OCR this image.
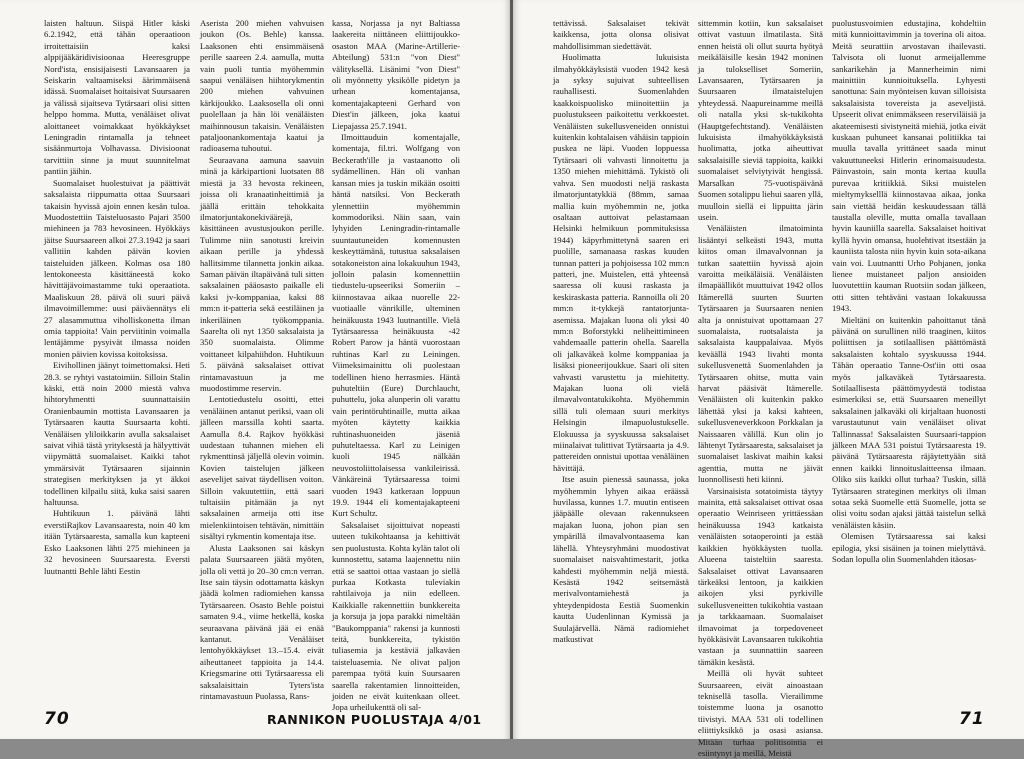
laisten haltuun. Siispä Hitler käski 6.2.1942, että tähän operaatioon irroitettaisiin kaksi alppijääkäridivisioonaa Heeresgruppe Nord'ista, ensisijaisesti Lavansaaren ja Seiskarin valtaamiseksi äärimmäisenä idässä. Suomalaiset hoitaisivat Suursaaren ja välissä sijaitseva Tytärsaari olisi sitten helppo homma. Mutta, venäläiset olivat aloittaneet voimakkaat hyökkäykset Leningradin rintamalla ja tehneet sisäänmurtoja Volhavassa. Divisioonat tarvittiin sinne ja muut suunnitelmat pantiin jäihin.

Suomalaiset huolestuivat ja päättivät saksalaista riippumatta ottaa Suursaari takaisin hyvissä ajoin ennen kesän tuloa. Muodostettiin Taisteluosasto Pajari 3500 miehineen ja 783 hevosineen. Hyökkäys jäitse Suursaareen alkoi 27.3.1942 ja saari vallitiin kahden päivän kovien taisteluiden jälkeen. Kolmas osa 180 lentokoneesta käsittäneestä koko hävittäjävoimastamme tuki operaatiota. Maaliskuun 28. päivä oli suuri päivä ilmavoimillemme: uusi päiväennätys eli 27 alasammuttua viholliskonetta ilman omia tappioita! Vain perviitinin voimalla lentäjämme pysyivät ilmassa noiden monien päivien kovissa koitoksissa.

Eivihollinen jäänyt toimettomaksi. Heti 28.3. se ryhtyi vastatoimiin. Silloin Stalin käski, että noin 2000 miestä vahva hihtoryhmentti suunnattaisiin Oranienbaumin mottista Lavansaaren ja Tytärsaaren kautta Suursaarta kohti. Venäläisen yliloikkarin avulla saksalaiset saivat vihiä tästä yrityksestä ja hälyyttivät viipymättä suomalaiset. Kaikki tahot ymmärsivät Tytärsaaren sijainnin strategisen merkityksen ja yt äkkoi todellinen kilpailu siitä, kuka saisi saaren haltuunsa.

Huhtikuun 1. päivänä lähti everstiRajkov Lavansaaresta, noin 40 km itään Tytärsaaresta, samalla kun kapteeni Esko Laaksonen lähti 275 miehineen ja 32 hevosineen Suursaaresta. Eversti luutnantti Behle lähti Eestin

Aseristа 200 miehen vahvuisen joukon (Os. Behle) kanssa. Laaksonen ehti ensimmäisenä perille saareen 2.4. aamulla, mutta vain puoli tuntia myöhemmin saapui venäläisen hiihtorykmentin 200 miehen vahvuinen kärkijoukko. Laaksosella oli onni puolellaan ja hän löi venäläisten maihinnousun takaisin. Venäläisten pataljoonankomentaja kaatui ja radioasema tuhoutui.

Seuraavana aamuna saavuin minä ja kärkipartioni luotsaten 88 miestä ja 33 hevosta rekineen, joissa oli kranaatinheittimiä ja jäällä erittäin tehokkaita ilmatorjuntakonekiväärejä, käsittäneen avustusjoukon perille. Tulimme niin sanotusti kreivin aikaan perille ja yhdessä hallitsimme tilannetta jonkin aikaa. Saman päivän iltapäivänä tuli sitten saksalainen pääosasto paikalle eli kaksi jv-komppaniaa, kaksi 88 mm:n it-patteria sekä eestiläinen ja inkeriläinen työkomppania. Saarelta oli nyt 1350 saksalaista ja 350 suomalaista. Olimme voittaneet kilpahiihdon. Huhtikuun 5. päivänä saksalaiset ottivat rintamavastuun ja me muodostimme reservin.

Lentotiedustelu osoitti, ettei venäläinen antanut periksi, vaan oli jälleen marssilla kohti saarta. Aamulla 8.4. Rajkov hyökkäsi uudestaan tuhannen miehen eli rykmenttinsä jäljellä olevin voimin. Kovien taistelujen jälkeen asevelijet saivat täydellisen voiton. Silloin vakuutettiin, että saari tultaisiin pitämään ja nyt saksalainen armeija otti itse mielenkiintoisen tehtävän, nimittäin sisältyi rykmentin komentaja itse.

Alusta Laaksonen sai käskyn palata Suursaareen jäätä myöten, jolla oli vettä jo 20–30 cm:n verran. Itse sain täysin odottamatta käskyn jäädä kolmen radiomiehen kanssa Tytärsaareen. Osasto Behle poistui samaten 9.4., viime hetkellä, koska seuraavana päivänä jää ei enää kantanut. Venäläiset lentohyökkäykset 13.–15.4. eivät aiheuttaneet tappioita ja 14.4. Kriegsmarine otti Tytärsaaressa eli saksalaisittain Tyters'ista rintamavastuun Puolassa, Rans-

kassa, Norjassa ja nyt Baltiassa laakereita niittäneen eliittijoukko-osaston MAA (Marine-Artillerie-Abteilung) 531:n "von Diest" välityksellä. Lisänimi "von Diest" oli myönnetty yksikölle pidetyn ja urhean komentajansa, komentajakapteeni Gerhard von Diest'in jälkeen, joka kaatui Liepajassa 25.7.1941.

Ilmoittauduin komentajalle, komentaja, fil.tri. Wolfgang von Beckerath'ille ja vastaanotto oli sydämellinen. Hän oli vanhan kansan mies ja tuskin mikään osoitti häntä natsiksi. Von Beckerath ylennettiin myöhemmin kommodoriksi. Näin saan, vain lyhyiden Leningradin-rintamalle suuntautuneiden komennusten keskeyttämänä, tutustua saksalaisen sotakoneiston aina lokakuuhun 1943, jolloin palasin komennettiin tiedustelu-upseeriksi Someriin – kiinnostavaa aikaa nuorelle 22-vuotiaalle vänrikille, ulteminen heinäkuusta 1943 luutnantille. Vielä Tytärsaaressa heinäkuusta -42 Robert Parow ja häntä vuorostaan ruhtinas Karl zu Leiningen. Viimeksimainittu oli puolestaan todellinen hieno herrasmies. Häntä puhuteltiin (Eure) Durchlaucht, puhuttelu, joka alunperin oli varattu vain perintöruhtinaille, mutta aikaa myöten käytetty kaikkia ruhtinashuoneiden jäseniä puhuteltaessa. Karl zu Leinigen kuoli 1945 nälkään neuvostoliittolaisessa vankileirissä. Vänkäreinä Tytärsaaressa toimi vuoden 1943 katkeraan loppuun 19.9. 1944 eli komentajakapteeni Kurt Schultz.

Saksalaiset sijoittuivat nopeasti uuteen tukikohtaansa ja kehittivät sen puolustusta. Kohta kylän talot oli kunnostettu, satama laajennettu niin että se saattoi ottaa vastaan jo siellä purkaa Kotkasta tuleviakin rahtilaivoja ja niin edelleen. Kaikkialle rakennettiin bunkkereita ja korsuja ja jopa parakki nimeltään "Baukomppania" rakensi ja kunnosti teitä, bunkkereita, tykistön tuliasemia ja kestäviä jalkaväen taisteluasemia. Ne olivat paljon parempaa työtä kuin Suursaaren saarella rakentamien linnoitteiden, joiden ne eivät kuitenkaan olleet. Jopa urheilukenttä oli sal-

70	RANNIKON PUOLUSTAJA 4/01

tettävissä. Saksalaiset tekivät kaikkensa, jotta olonsa olisivat mahdollisimman siedettävät.

Huolimatta lukuisista ilmahyökkäyksistä vuoden 1942 kesä ja syksy sujuivat suhteellisen rauhallisesti. Suomenlahden kaakkoispuolisko miinoitettiin ja puolustukseen paikoitettu verkkoestet. Venäläisten sukellusveneiden onnistui kuitenkin kohtalaisen vähäisin tappioin puskea ne läpi. Vuoden loppuessa Tytärsaari oli vahvasti linnoitettu ja 1350 miehen miehittämä. Tykistö oli vahva. Sen muodosti neljä raskasta ilmatorjuntatykkiä (88mm, samaa mallia kuin myöhemmin ne, jotka osaltaan auttoivat pelastamaan Helsinki helmikuun pommituksissa 1944) käpyrhmittetynä saaren eri puolille, samanaasa raskas kuuden tunnan patteri ja pohjoisessa 102 mm:n patteri, jne. Muistelen, että yhteensä saaressa oli kuusi raskasta ja keskiraskasta patteria. Rannoilla oli 20 mm:n it-tykkejä rantatorjunta-asemissa. Majakan luona oli yksi 40 mm:n Boforstykki neliheittimineen vahdemaalle patterin ohella. Saarella oli jalkaväkeä kolme komppaniaa ja lisäksi pioneerijoukkue. Saari oli siten vahvasti varustettu ja miehitetty. Majakan luona oli vielä ilmavalvontatukikohta. Myöhemmin sillä tuli olemaan suuri merkitys Helsingin ilmapuolustukselle. Elokuussa ja syyskuussa saksalaiset miinalaivat tulittivat Tytärsaarta ja 4.9. pattereiden onnistui upottaa venäläinen hävittäjä.

Itse asuin pienessä saunassa, joka myöhemmin lyhyen aikaa eräässä huvilassa, kunnes 1.7. muutin entiseen jääpäälle olevaan rakennukseen majakan luona, johon pian sen ympärillä ilmavalvontaasema kan lähellä. Yhteysryhmäni muodostivat suomalaiset naisvahtimestarit, jotka kahdesti myöhemmin neljä miestä. Kesästä 1942 seitsemästä merivalvontamiehestä ja yhteydenpidosta Eestiä Suomenkin kautta Uudenlinnan Kymissä ja Suulajärvellä. Nämä radiomiehet matkustivat

sittemmin kotiin, kun saksalaiset ottivat vastuun ilmatilasta. Sitä ennen heistä oli ollut suurta hyötyä meikäläisille kesän 1942 moninen ja tulokselliset Someriin, Lavansaaren, Tytärsaaren ja Suursaaren ilmataistelujen yhteydessä. Naapureinamme meillä oli natalla yksi sk-tukikohta (Hauptgefechtstand). Venäläisten lukuisista ilmahyökkäyksistä huolimatta, jotka aiheuttivat saksalaisille sieviä tappioita, kaikki suomalaiset selviytyivät hengissä. Marsalkan 75-vuotispäivänä Suomen sotalippu liehui saaren yllä, muulloin siellä ei lippuitta järin usein.

Venäläisten ilmatoiminta lisääntyi selkeästi 1943, mutta kiitos oman ilmavalvonnan ja tutkan saatettiin hyvissä ajoin varoitta meikäläisiä. Venäläisten ilmapäälliköt muuttuivat 1942 ollos Itämerellä suurten Suurten Tytärsaaren ja Suursaaren nenien alta ja onnistuivat upottamaan 27 suomalaista, ruotsalaista ja saksalaista kauppalaivaa. Myös keväällä 1943 livahti monta sukellusvenettä Suomenlahden ja Tytärsaaren ohitse, mutta vain harvat pääsivät Itämerelle. Venäläisten oli kuitenkin pakko lähettää yksi ja kaksi kahteen, sukellusveneverkkoon Porkkalan ja Naissaaren välillä. Kun olin jo lähtenyt Tytärsaaresta, saksalaiset ja suomalaiset laskivat maihin kaksi agenttia, mutta ne jäivät luonnollisesti heti kiinni.

Varsinaisista sotatoimista täytyy mainita, että saksalaiset ottivat osaa operaatio Weinriseen yrittäessäan heinäkuussa 1943 katkaista venäläisten sotaoperointi ja estää kaikkien hyökkäysten tuolla. Alueena taisteltiin saaresta. Saksalaiset ottivat Lavansaaren tärkeäksi lentoon, ja kaikkien aikojen yksi pyrkiville sukellusveneitten tukikohtia vastaan ja tarkkaamaan. Suomalaiset ilmavoimat ja torpedoveneet hyökkäsivät Lavansaaren tukikohtia vastaan ja suunnattiin saareen tämäkin kesästä.

Meillä oli hyvät suhteet Suursaareen, eivät ainoastaan teknisellä tasolla. Vierailimme toistemme luona ja osanotto tiivistyi. MAA 531 oli todellinen eliittiyksikkö ja osasi asiansa. Mitään turhaa politisointia ei esiintynyt ja meillä, Meistä

puolustusvoimien edustajina, kohdeltiin mitä kunnioittavimmin ja toverina oli aitoa. Meitä seurattiin arvostavan ihailevasti. Talvisota oli luonut armeijallemme sankarikehän ja Mannerheimin nimi mainittiin kunnioituksella. Lyhyesti sanottuna: Sain myönteisen kuvan silloisista saksalaisista tovereista ja aseveljistä. Upseerit olivat enimmäkseen reserviläisiä ja akateemisesti sivistyneitä miehiä, jotka eivät kuskaan puhuneet kansanai politiikka tai muulla tavalla yrittäneet saada minut vakuuttuneeksi Hitlerin erinomaisuudesta. Päinvastoin, sain monta kertaa kuulla purevaa kritiikkiä. Siksi muistelen mieltymykselllä kiinnostavaa aikaa, jonka sain viettää heidän keskuudessaan tällä taustalla oleville, mutta omalla tavallaan hyvin kauniilla saarella. Saksalaiset hoitivat kyllä hyvin omansa, huolehtivat itsestään ja kauniista talosta niin hyvin kuin sota-aikana vain voi. Luutnantti Urho Pohjanen, jonka lienee muistaneet paljon ansioiden luovutettiin kauman Ruotsiin sodan jälkeen, otti sitten tehtäväni vastaan lokakuussa 1943.

Mieltäni on kuitenkin pahoittanut tänä päivänä on surullinen nilö traaginen, kiitos poliittisen ja sotilaallisen päättömästä saksalaisten kohtalo syyskuussa 1944. Tähän operaatio Tanne-Ost'iin otti osaa myös jalkaväkeä Tytärsaaresta. Sotilaallisesta päättömyydestä todistaa esimerkiksi se, että Suursaaren meneillyt saksalainen jalkaväki oli kirjaltaan huonosti varustautunut vain venäläiset olivat Tallinnassa! Saksalaisten Suursaari-tappion jälkeen MAA 531 poistui Tytärsaaresta 19. päivänä Tytärsaaresta räjäytettyään sitä ennen kaikki linnoituslaitteensa ilmaan. Oliko siis kaikki ollut turhaa? Tuskin, sillä Tytärsaaren strateginen merkitys oli ilman sotaa sekä Suomelle että Suomelle, jotta se olisi voitu sodan ajaksi jättää taistelun selkä venäläisten käsiin.

Olemisen Tytärsaaressa sai kaksi epilogia, yksi sisäinen ja toinen mielyttävä. Sodan lopulla olin Suomenlahden itäosas-

71
